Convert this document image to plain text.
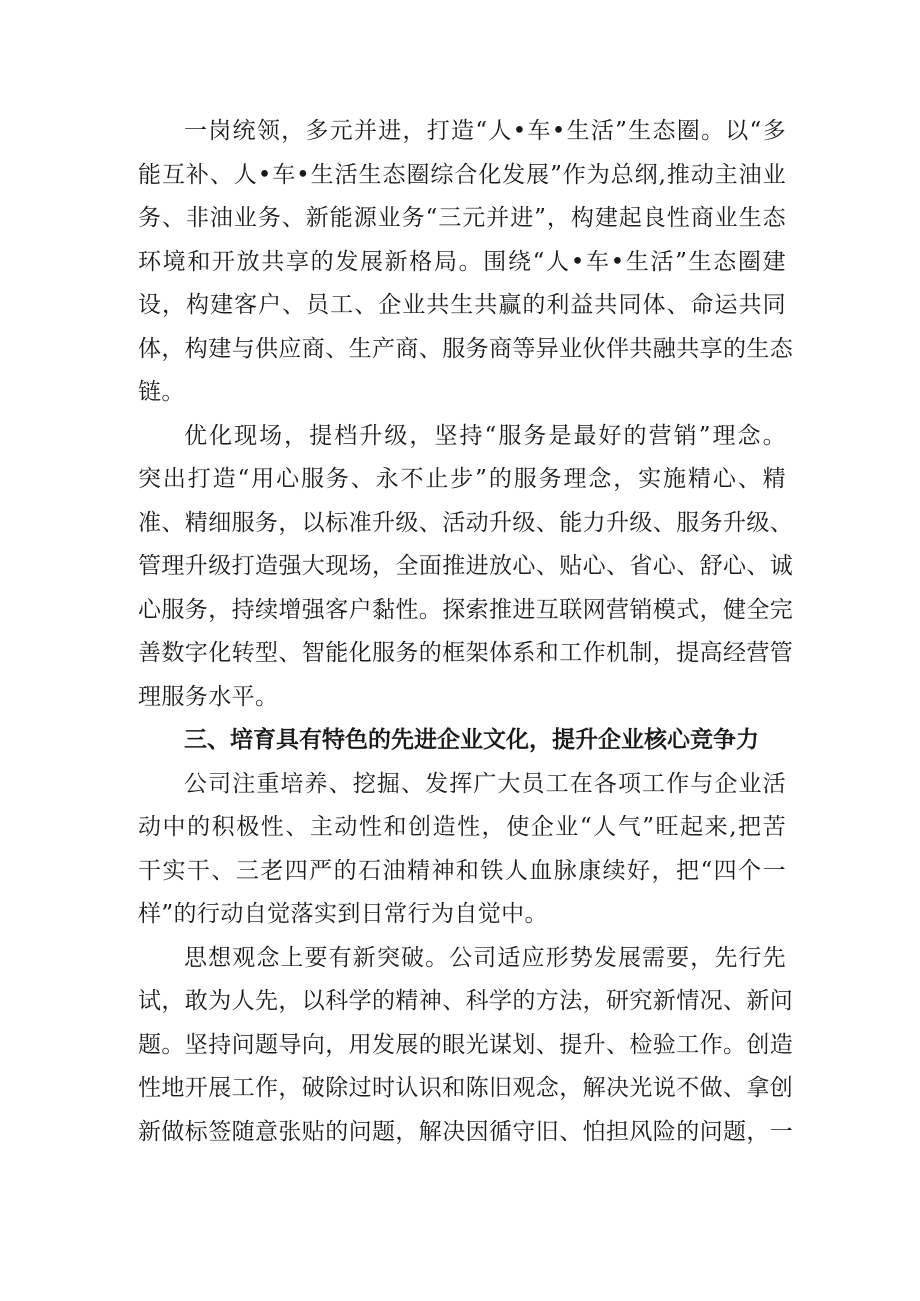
一岗统领，多元并进，打造“人•车•生活”生态圈。以“多
能互补、人•车•生活生态圈综合化发展”作为总纲,推动主油业
务、非油业务、新能源业务“三元并进”，构建起良性商业生态
环境和开放共享的发展新格局。围绕“人•车•生活”生态圈建
设，构建客户、员工、企业共生共赢的利益共同体、命运共同
体，构建与供应商、生产商、服务商等异业伙伴共融共享的生态
链。
优化现场，提档升级，坚持“服务是最好的营销”理念。
突出打造“用心服务、永不止步”的服务理念，实施精心、精
准、精细服务，以标准升级、活动升级、能力升级、服务升级、
管理升级打造强大现场，全面推进放心、贴心、省心、舒心、诚
心服务，持续增强客户黏性。探索推进互联网营销模式，健全完
善数字化转型、智能化服务的框架体系和工作机制，提高经营管
理服务水平。
三、培育具有特色的先进企业文化，提升企业核心竞争力
公司注重培养、挖掘、发挥广大员工在各项工作与企业活
动中的积极性、主动性和创造性，使企业“人气”旺起来,把苦
干实干、三老四严的石油精神和铁人血脉康续好，把“四个一
样”的行动自觉落实到日常行为自觉中。
思想观念上要有新突破。公司适应形势发展需要，先行先
试，敢为人先，以科学的精神、科学的方法，研究新情况、新问
题。坚持问题导向，用发展的眼光谋划、提升、检验工作。创造
性地开展工作，破除过时认识和陈旧观念，解决光说不做、拿创
新做标签随意张贴的问题，解决因循守旧、怕担风险的问题，一
